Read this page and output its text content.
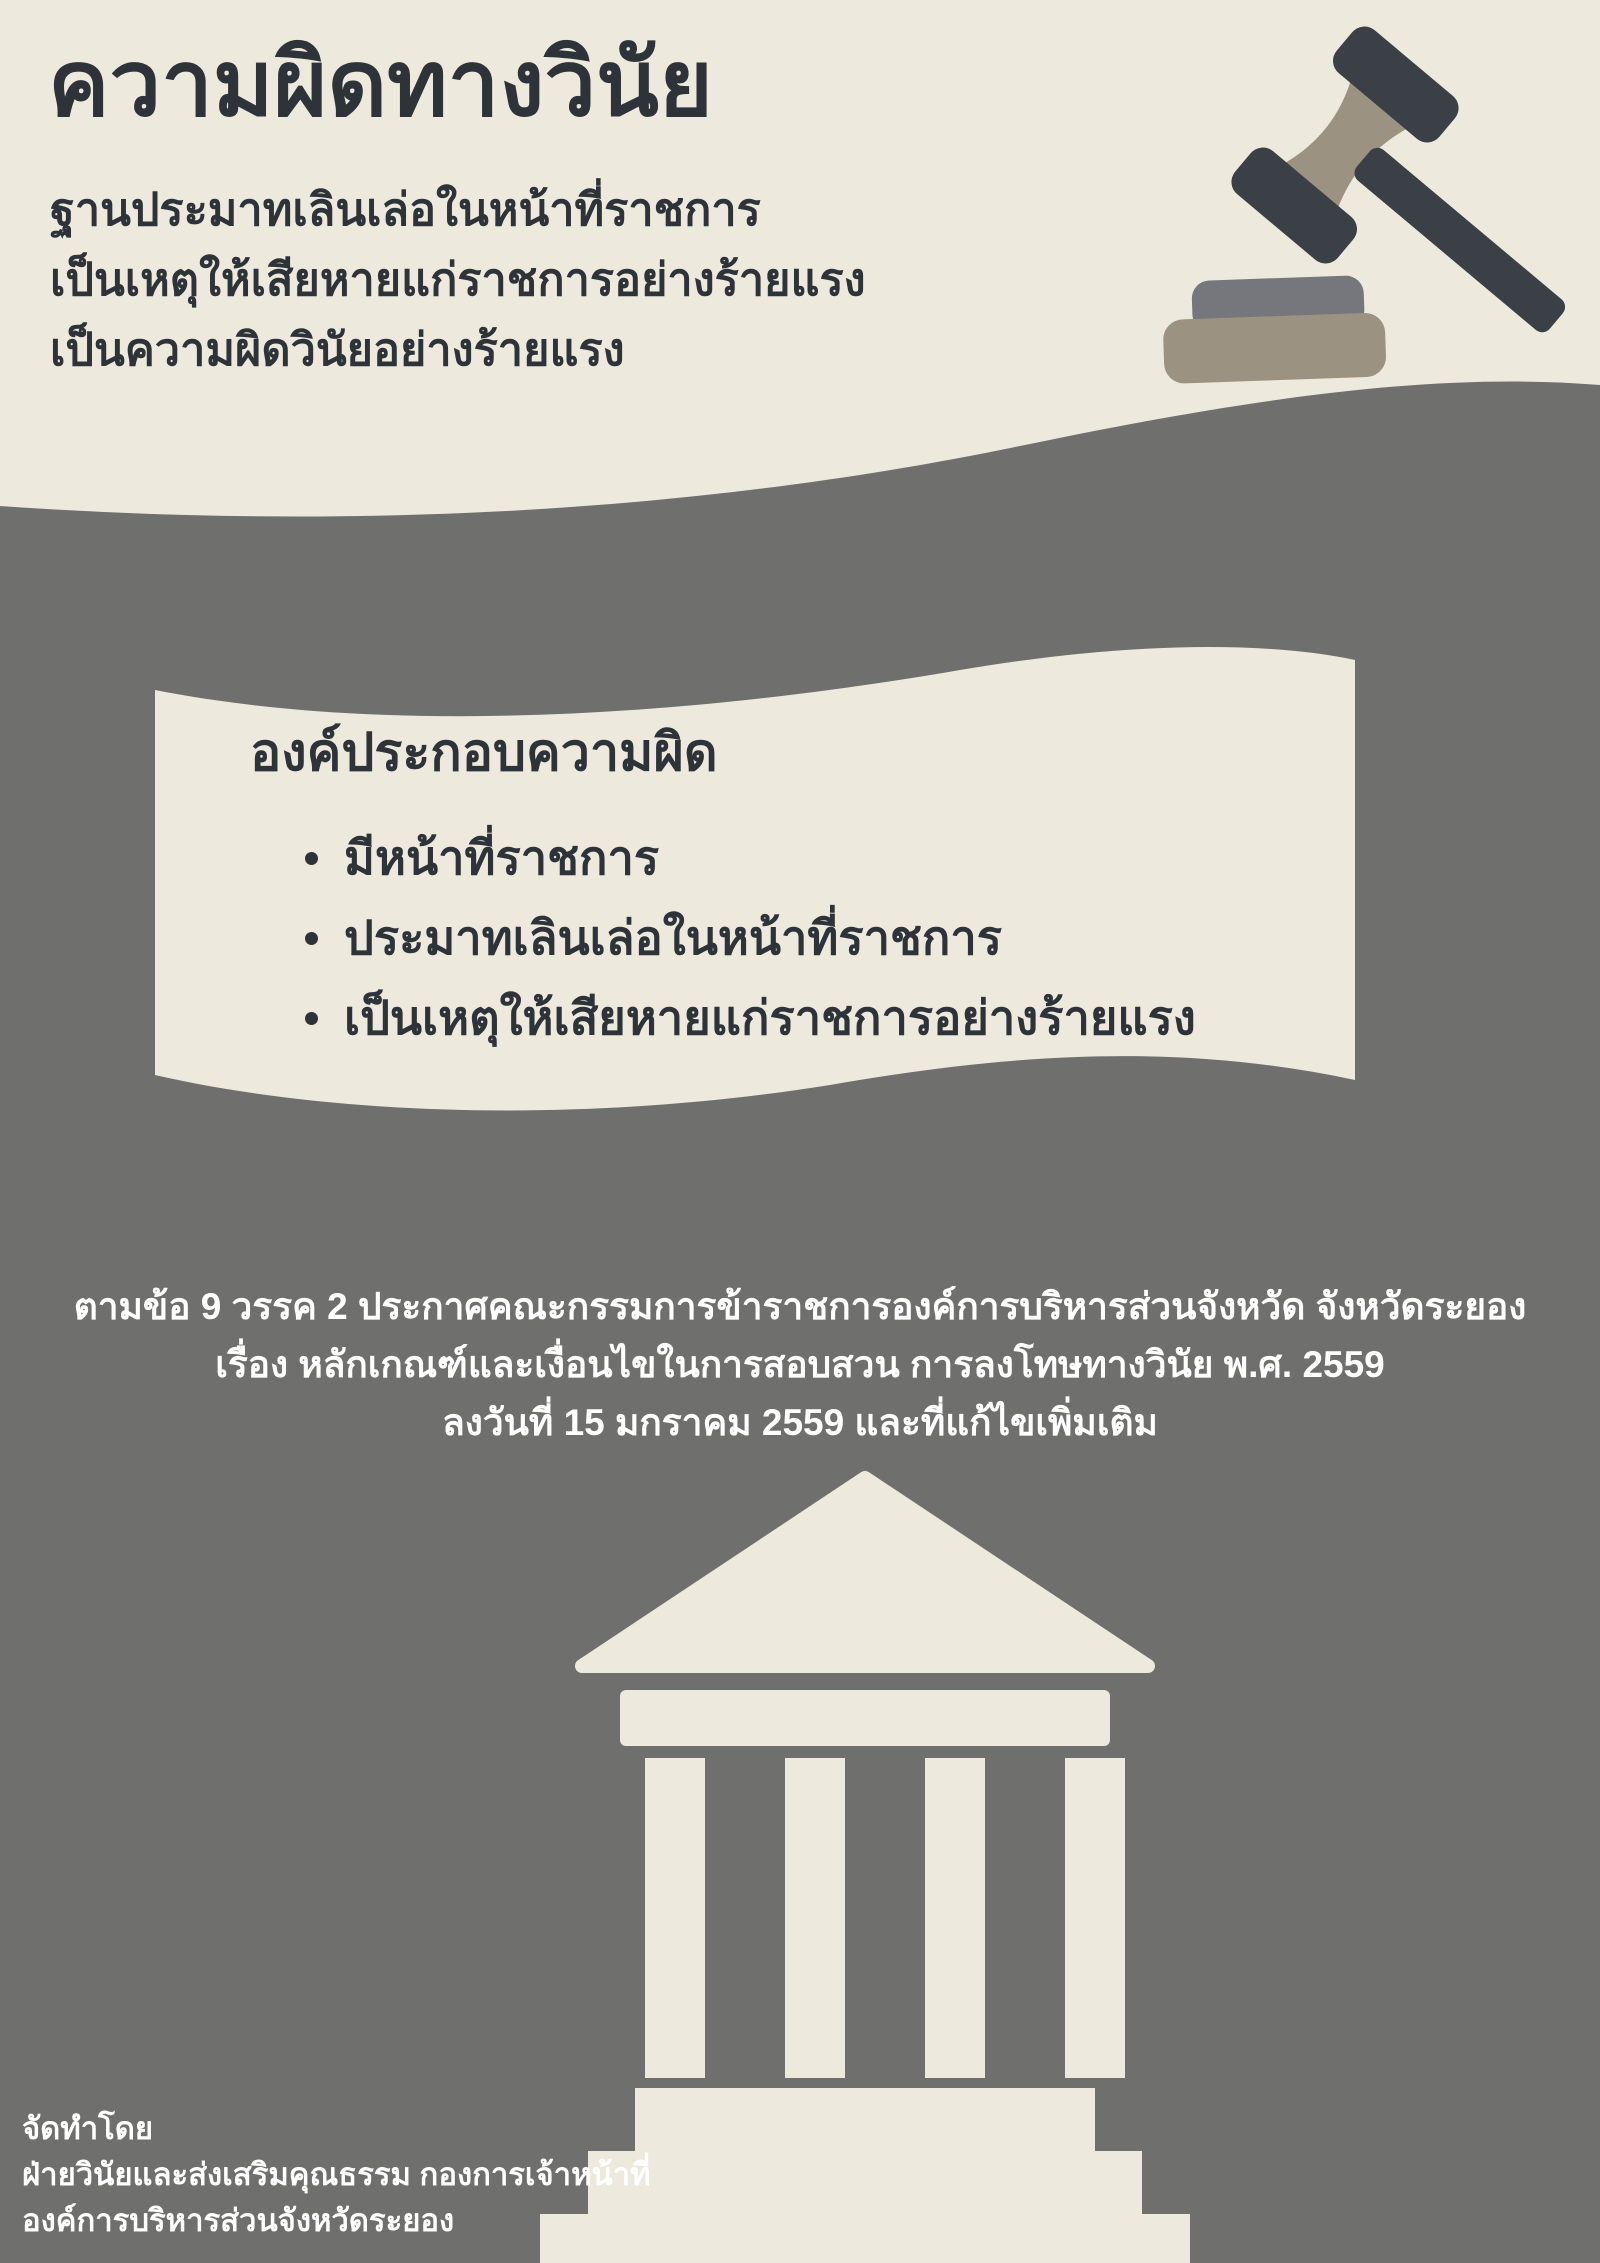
ความผิดทางวินัย
ฐานประมาทเลินเล่อในหน้าที่ราชการ
เป็นเหตุให้เสียหายแก่ราชการอย่างร้ายแรง
เป็นความผิดวินัยอย่างร้ายแรง
องค์ประกอบความผิด
มีหน้าที่ราชการ
ประมาทเลินเล่อในหน้าที่ราชการ
เป็นเหตุให้เสียหายแก่ราชการอย่างร้ายแรง
ตามข้อ 9 วรรค 2 ประกาศคณะกรรมการข้าราชการองค์การบริหารส่วนจังหวัด จังหวัดระยอง
เรื่อง หลักเกณฑ์และเงื่อนไขในการสอบสวน การลงโทษทางวินัย พ.ศ. 2559
ลงวันที่ 15 มกราคม 2559 และที่แก้ไขเพิ่มเติม
จัดทำโดย
ฝ่ายวินัยและส่งเสริมคุณธรรม กองการเจ้าหน้าที่
องค์การบริหารส่วนจังหวัดระยอง
